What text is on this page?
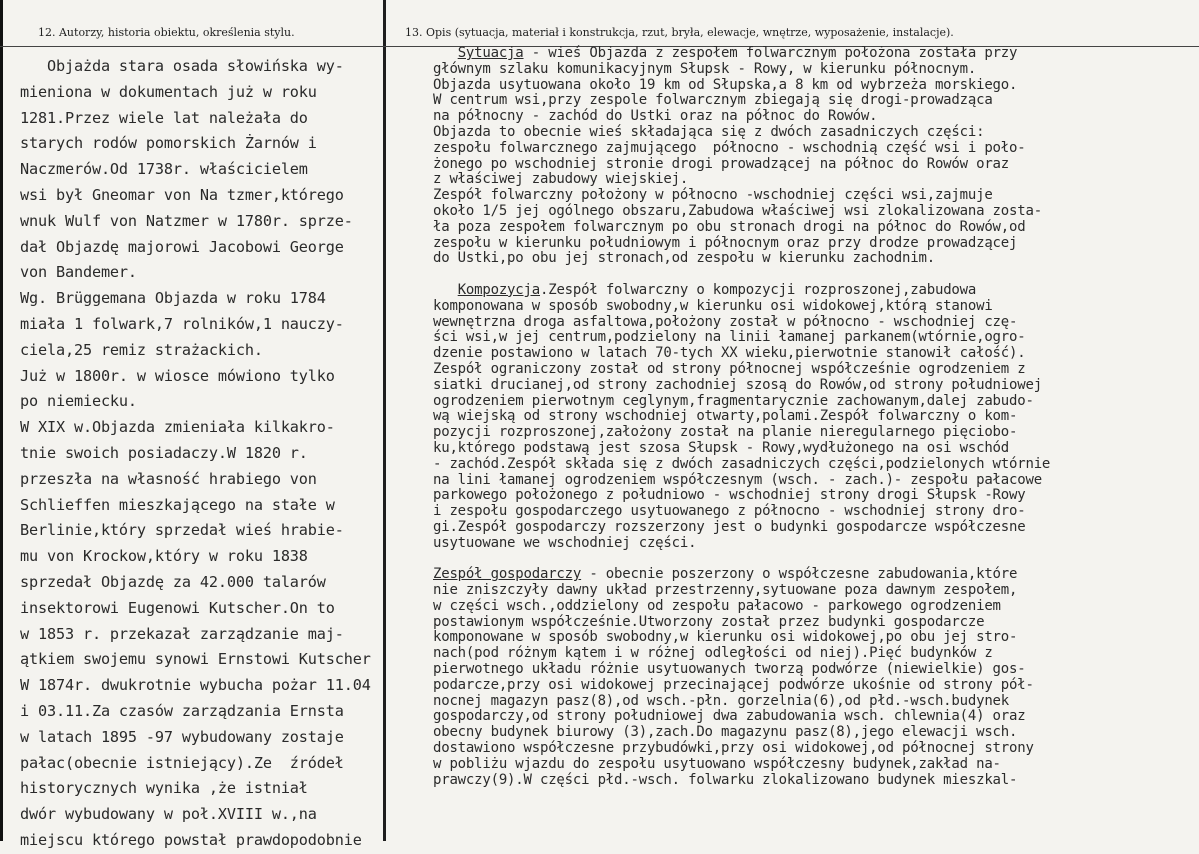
12. Autorzy, historia obiektu, określenia stylu.	13. Opis (sytuacja, materiał i konstrukcja, rzut, bryła, elewacje, wnętrze, wyposażenie, instalacje).
Objażda stara osada słowińska wy-
mieniona w dokumentach już w roku
1281.Przez wiele lat należała do
starych rodów pomorskich Żarnów i
Naczmerów.Od 1738r. właścicielem
wsi był Gneomar von Na tzmer,którego
wnuk Wulf von Natzmer w 1780r. sprze-
dał Objazdę majorowi Jacobowi George
von Bandemer.
Wg. Brüggemana Objazda w roku 1784
miała 1 folwark,7 rolników,1 nauczy-
ciela,25 remiz strażackich.
Już w 1800r. w wiosce mówiono tylko
po niemiecku.
W XIX w.Objazda zmieniała kilkakro-
tnie swoich posiadaczy.W 1820 r.
przeszła na własność hrabiego von
Schlieffen mieszkającego na stałe w
Berlinie,który sprzedał wieś hrabie-
mu von Krockow,który w roku 1838
sprzedał Objazdę za 42.000 talarów
insektorowi Eugenowi Kutscher.On to
w 1853 r. przekazał zarządzanie maj-
ątkiem swojemu synowi Ernstowi Kutscher
W 1874r. dwukrotnie wybucha pożar 11.04
i 03.11.Za czasów zarządzania Ernsta
w latach 1895 -97 wybudowany zostaje
pałac(obecnie istniejący).Ze  źródeł
historycznych wynika ,że istniał
dwór wybudowany w poł.XVIII w.,na
miejscu którego powstał prawdopodobnie
Sytuacja - wieś Objazda z zespołem folwarcznym położona została przy
głównym szlaku komunikacyjnym Słupsk - Rowy, w kierunku północnym.
Objazda usytuowana około 19 km od Słupska,a 8 km od wybrzeża morskiego.
W centrum wsi,przy zespole folwarcznym zbiegają się drogi-prowadząca
na północny - zachód do Ustki oraz na północ do Rowów.
Objazda to obecnie wieś składająca się z dwóch zasadniczych części:
zespołu folwarcznego zajmującego  północno - wschodnią część wsi i poło-
żonego po wschodniej stronie drogi prowadzącej na północ do Rowów oraz
z właściwej zabudowy wiejskiej.
Zespół folwarczny położony w północno -wschodniej części wsi,zajmuje
około 1/5 jej ogólnego obszaru,Zabudowa właściwej wsi zlokalizowana zosta-
ła poza zespołem folwarcznym po obu stronach drogi na północ do Rowów,od
zespołu w kierunku południowym i północnym oraz przy drodze prowadzącej
do Ustki,po obu jej stronach,od zespołu w kierunku zachodnim.
Kompozycja.Zespół folwarczny o kompozycji rozproszonej,zabudowa
komponowana w sposób swobodny,w kierunku osi widokowej,którą stanowi
wewnętrzna droga asfaltowa,położony został w północno - wschodniej czę-
ści wsi,w jej centrum,podzielony na linii łamanej parkanem(wtórnie,ogro-
dzenie postawiono w latach 70-tych XX wieku,pierwotnie stanowił całość).
Zespół ograniczony został od strony północnej współcześnie ogrodzeniem z
siatki drucianej,od strony zachodniej szosą do Rowów,od strony południowej
ogrodzeniem pierwotnym ceglynym,fragmentarycznie zachowanym,dalej zabudo-
wą wiejską od strony wschodniej otwarty,polami.Zespół folwarczny o kom-
pozycji rozproszonej,założony został na planie nieregularnego pięciobo-
ku,którego podstawą jest szosa Słupsk - Rowy,wydłużonego na osi wschód
- zachód.Zespół składa się z dwóch zasadniczych części,podzielonych wtórnie
na lini łamanej ogrodzeniem współczesnym (wsch. - zach.)- zespołu pałacowe
parkowego położonego z południowo - wschodniej strony drogi Słupsk -Rowy
i zespołu gospodarczego usytuowanego z północno - wschodniej strony dro-
gi.Zespół gospodarczy rozszerzony jest o budynki gospodarcze współczesne
usytuowane we wschodniej części.
Zespół gospodarczy - obecnie poszerzony o współczesne zabudowania,które
nie zniszczyły dawny układ przestrzenny,sytuowane poza dawnym zespołem,
w części wsch.,oddzielony od zespołu pałacowo - parkowego ogrodzeniem
postawionym współcześnie.Utworzony został przez budynki gospodarcze
komponowane w sposób swobodny,w kierunku osi widokowej,po obu jej stro-
nach(pod różnym kątem i w różnej odległości od niej).Pięć budynków z
pierwotnego układu różnie usytuowanych tworzą podwórze (niewielkie) gos-
podarcze,przy osi widokowej przecinającej podwórze ukośnie od strony pół-
nocnej magazyn pasz(8),od wsch.-płn. gorzelnia(6),od płd.-wsch.budynek
gospodarczy,od strony południowej dwa zabudowania wsch. chlewnia(4) oraz
obecny budynek biurowy (3),zach.Do magazynu pasz(8),jego elewacji wsch.
dostawiono współczesne przybudówki,przy osi widokowej,od północnej strony
w pobliżu wjazdu do zespołu usytuowano współczesny budynek,zakład na-
prawczy(9).W części płd.-wsch. folwarku zlokalizowano budynek mieszkal-
